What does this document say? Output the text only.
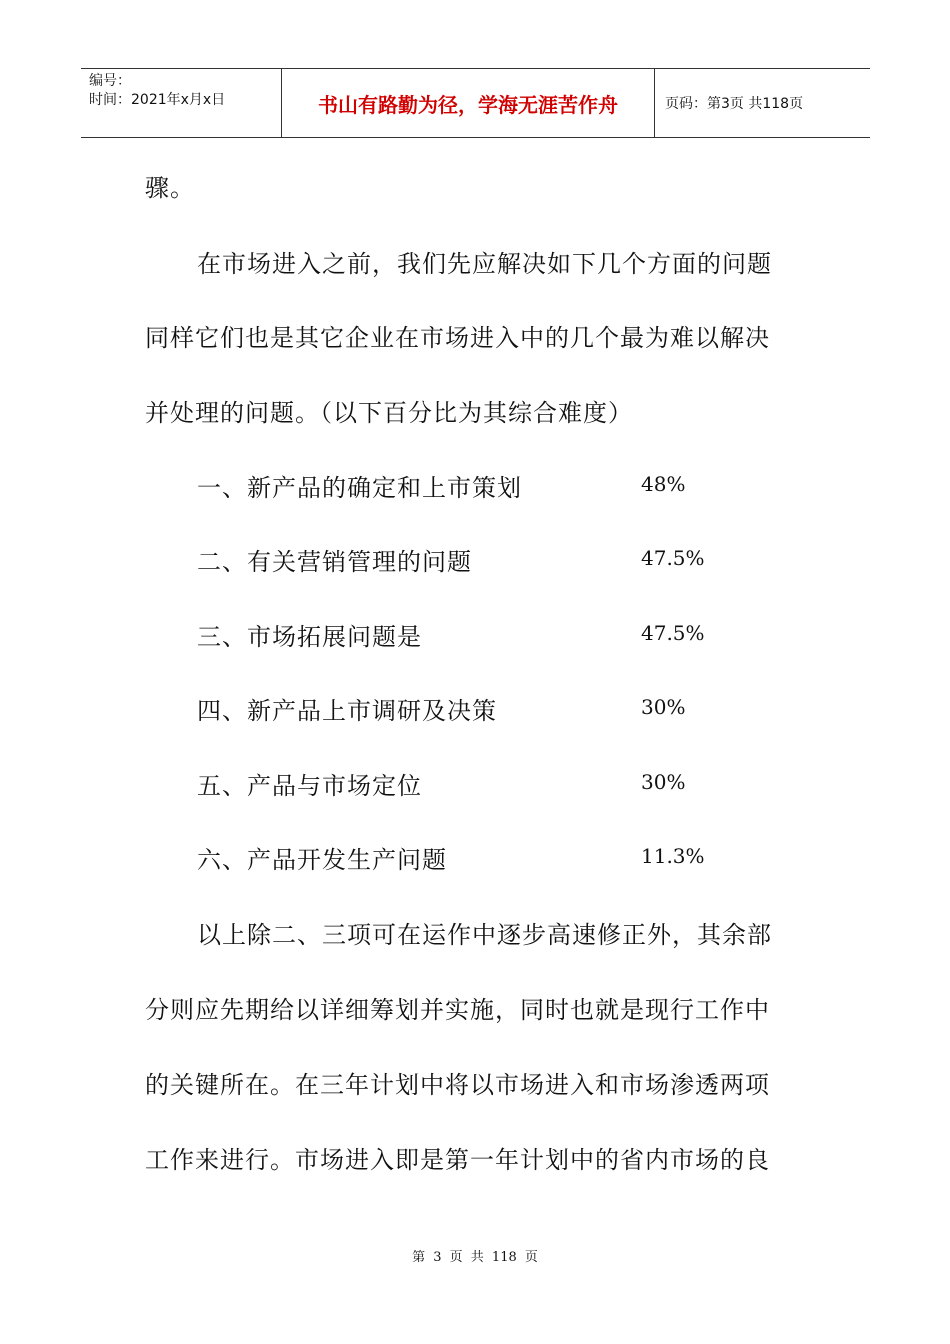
编号：
时间：2021年x月x日	书山有路勤为径，学海无涯苦作舟	页码：第3页 共118页
骤。
在市场进入之前，我们先应解决如下几个方面的问题
同样它们也是其它企业在市场进入中的几个最为难以解决
并处理的问题。（以下百分比为其综合难度）
一、新产品的确定和上市策划	48%
二、有关营销管理的问题	47.5%
三、市场拓展问题是	47.5%
四、新产品上市调研及决策	30%
五、产品与市场定位	30%
六、产品开发生产问题	11.3%
以上除二、三项可在运作中逐步高速修正外，其余部
分则应先期给以详细筹划并实施，同时也就是现行工作中
的关键所在。在三年计划中将以市场进入和市场渗透两项
工作来进行。市场进入即是第一年计划中的省内市场的良
第 3 页 共 118 页
